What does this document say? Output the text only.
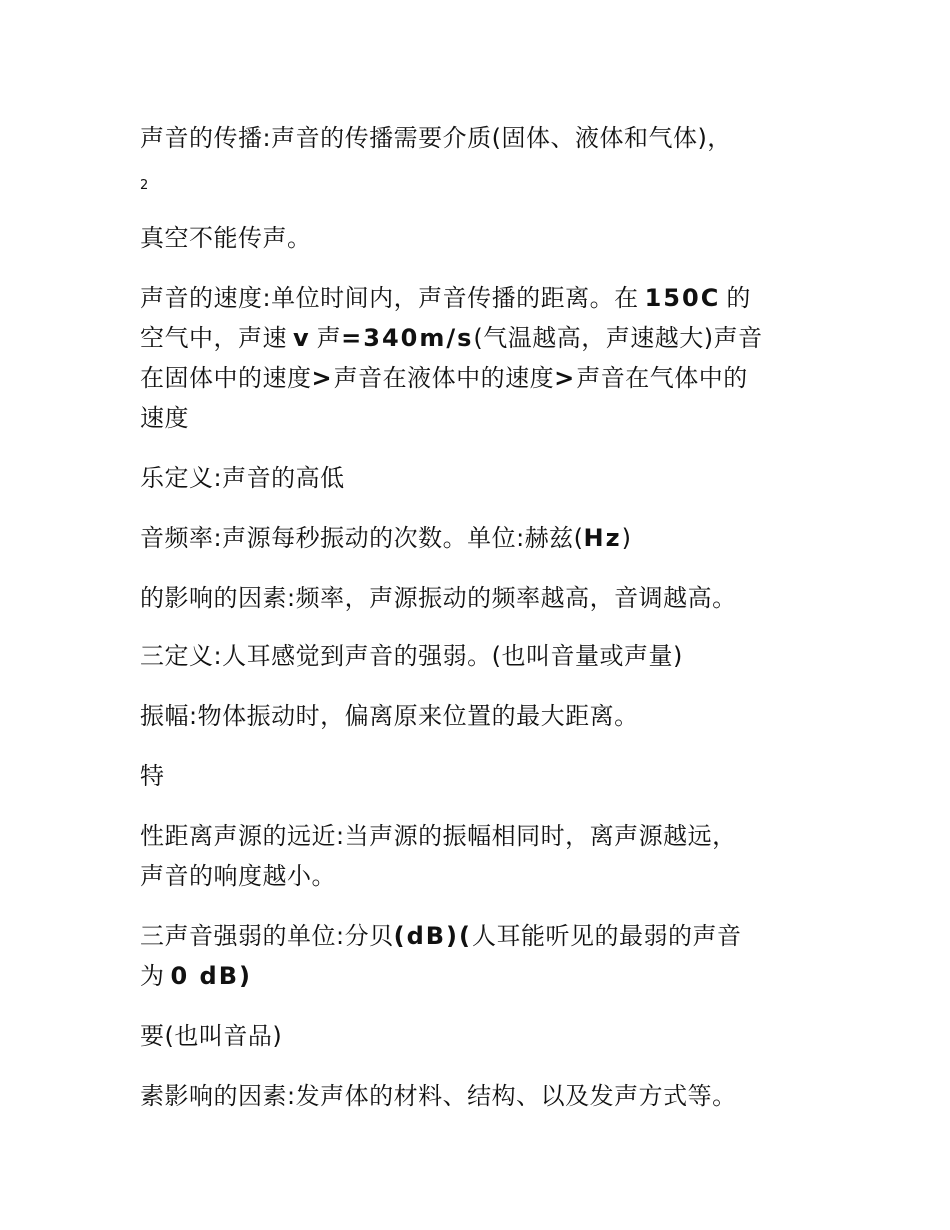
声音的传播:声音的传播需要介质(固体、液体和气体)，
2
真空不能传声。
声音的速度:单位时间内，声音传播的距离。在 150C 的
空气中，声速 v 声=340m/s(气温越高，声速越大)声音
在固体中的速度>声音在液体中的速度>声音在气体中的
速度
乐定义:声音的高低
音频率:声源每秒振动的次数。单位:赫兹(Hz)
的影响的因素:频率，声源振动的频率越高，音调越高。
三定义:人耳感觉到声音的强弱。(也叫音量或声量)
振幅:物体振动时，偏离原来位置的最大距离。
特
性距离声源的远近:当声源的振幅相同时，离声源越远，
声音的响度越小。
三声音强弱的单位:分贝(dB)(人耳能听见的最弱的声音
为 0 dB)
要(也叫音品)
素影响的因素:发声体的材料、结构、以及发声方式等。
